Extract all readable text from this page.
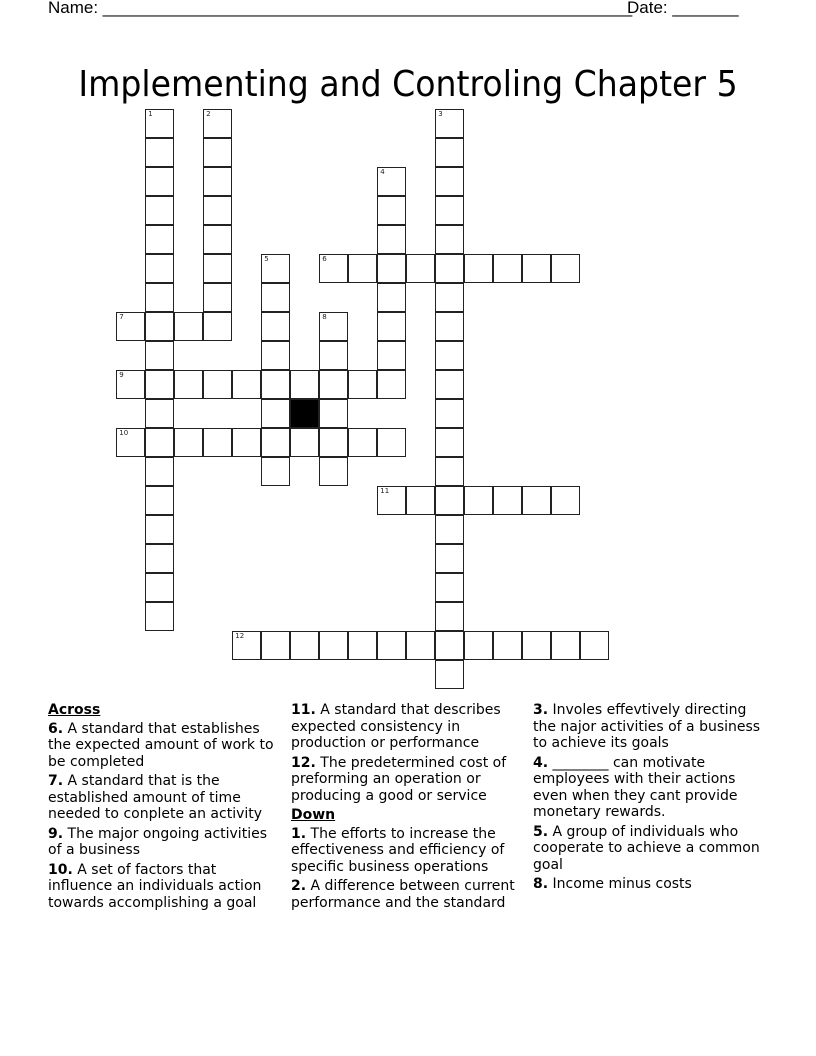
Name: ________________________________________________________
Date: _______
Implementing and Controling Chapter 5
1	2	3
4
5	6
7	8
9
10
11
12
Across
6. A standard that establishes the expected amount of work to be completed
7. A standard that is the established amount of time needed to conplete an activity
9. The major ongoing activities of a business
10. A set of factors that influence an individuals action towards accomplishing a goal
11. A standard that describes expected consistency in production or performance
12. The predetermined cost of preforming an operation or producing a good or service
Down
1. The efforts to increase the effectiveness and efficiency of specific business operations
2. A difference between current performance and the standard
3. Involes effevtively directing the najor activities of a business to achieve its goals
4. ________ can motivate employees with their actions even when they cant provide monetary rewards.
5. A group of individuals who cooperate to achieve a common goal
8. Income minus costs
